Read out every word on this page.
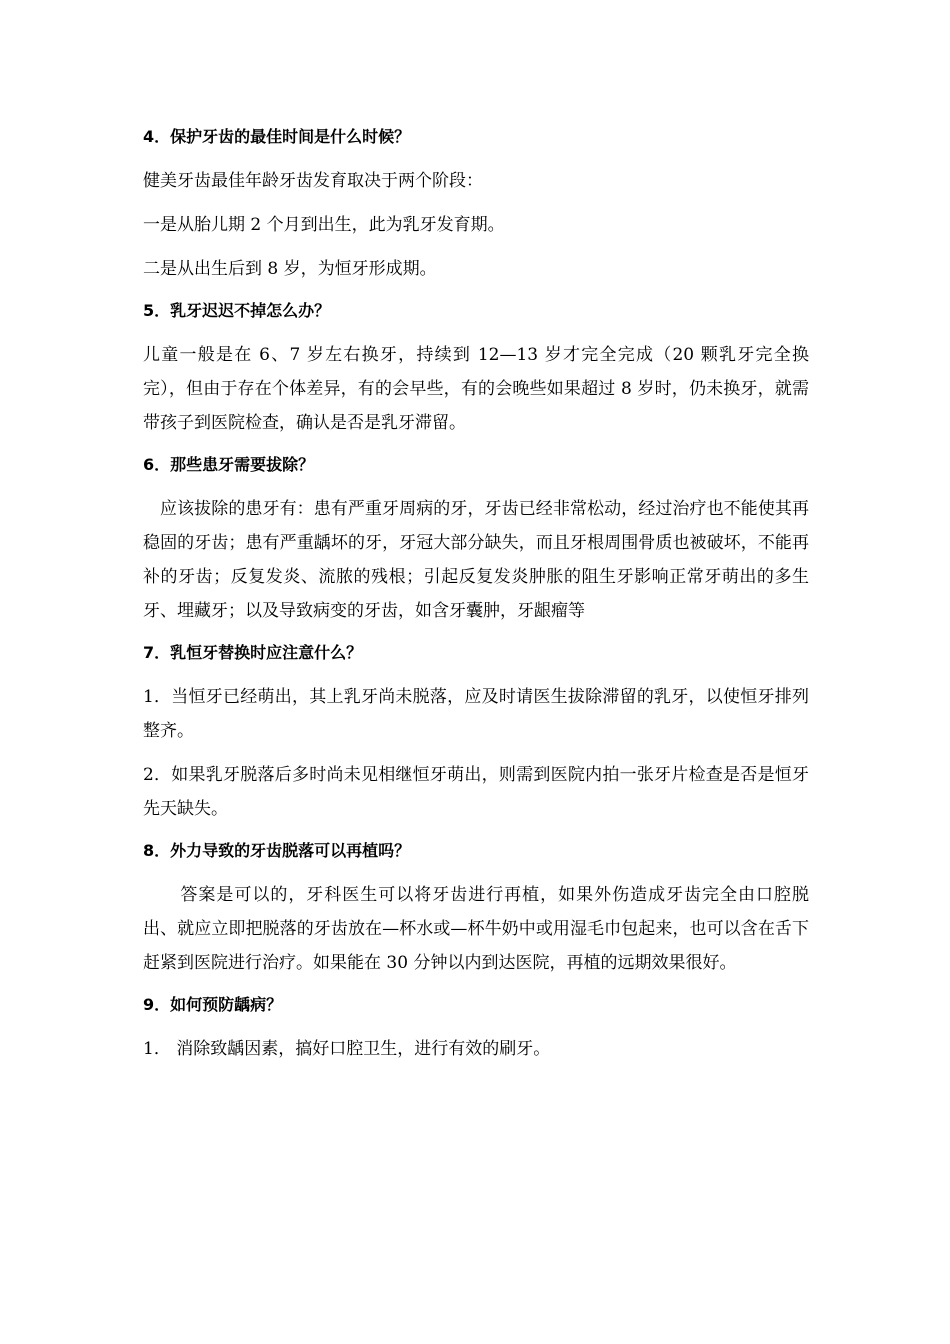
4．保护牙齿的最佳时间是什么时候？

健美牙齿最佳年龄牙齿发育取决于两个阶段：

一是从胎儿期 2 个月到出生，此为乳牙发育期。

二是从出生后到 8 岁，为恒牙形成期。

5．乳牙迟迟不掉怎么办？

儿童一般是在 6、7 岁左右换牙，持续到 12—13 岁才完全完成（20 颗乳牙完全换完），但由于存在个体差异，有的会早些，有的会晚些如果超过 8 岁时，仍未换牙，就需带孩子到医院检查，确认是否是乳牙滞留。

6．那些患牙需要拔除？

应该拔除的患牙有：患有严重牙周病的牙，牙齿已经非常松动，经过治疗也不能使其再稳固的牙齿；患有严重龋坏的牙，牙冠大部分缺失，而且牙根周围骨质也被破坏，不能再补的牙齿；反复发炎、流脓的残根；引起反复发炎肿胀的阻生牙影响正常牙萌出的多生牙、埋藏牙；以及导致病变的牙齿，如含牙囊肿，牙龈瘤等

7．乳恒牙替换时应注意什么？

1．当恒牙已经萌出，其上乳牙尚未脱落，应及时请医生拔除滞留的乳牙，以使恒牙排列整齐。

2．如果乳牙脱落后多时尚未见相继恒牙萌出，则需到医院内拍一张牙片检查是否是恒牙先天缺失。

8．外力导致的牙齿脱落可以再植吗？

答案是可以的，牙科医生可以将牙齿进行再植，如果外伤造成牙齿完全由口腔脱出、就应立即把脱落的牙齿放在—杯水或—杯牛奶中或用湿毛巾包起来，也可以含在舌下赶紧到医院进行治疗。如果能在 30 分钟以内到达医院，再植的远期效果很好。

9．如何预防龋病？

1． 消除致龋因素，搞好口腔卫生，进行有效的刷牙。
